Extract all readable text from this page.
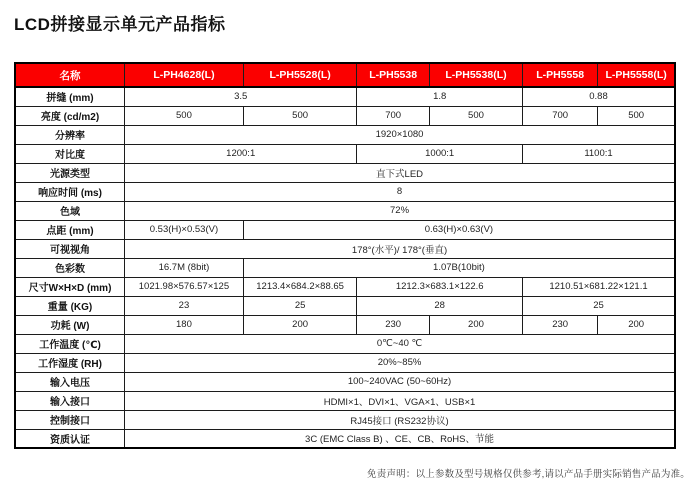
LCD拼接显示单元产品指标
名称	L-PH4628(L)	L-PH5528(L)	L-PH5538	L-PH5538(L)	L-PH5558	L-PH5558(L)
拼缝 (mm)	3.5		1.8		0.88	
亮度 (cd/m2)	500	500	700	500	700	500
分辨率	1920×1080					
对比度	1200:1		1000:1		1100:1	
光源类型	直下式LED					
响应时间 (ms)	8					
色域	72%					
点距 (mm)	0.53(H)×0.53(V)	0.63(H)×0.63(V)				
可视视角	178°(水平)/ 178°(垂直)					
色彩数	16.7M (8bit)	1.07B(10bit)				
尺寸W×H×D (mm)	1021.98×576.57×125	1213.4×684.2×88.65	1212.3×683.1×122.6		1210.51×681.22×121.1	
重量 (KG)	23	25	28		25	
功耗 (W)	180	200	230	200	230	200
工作温度 (℃)	0℃~40 ℃					
工作湿度 (RH)	20%~85%					
输入电压	100~240VAC (50~60Hz)					
输入接口	HDMI×1、DVI×1、VGA×1、USB×1					
控制接口	RJ45接口 (RS232协议)					
资质认证	3C (EMC Class B) 、CE、CB、RoHS、节能					
免责声明：以上参数及型号规格仅供参考,请以产品手册实际销售产品为准。
